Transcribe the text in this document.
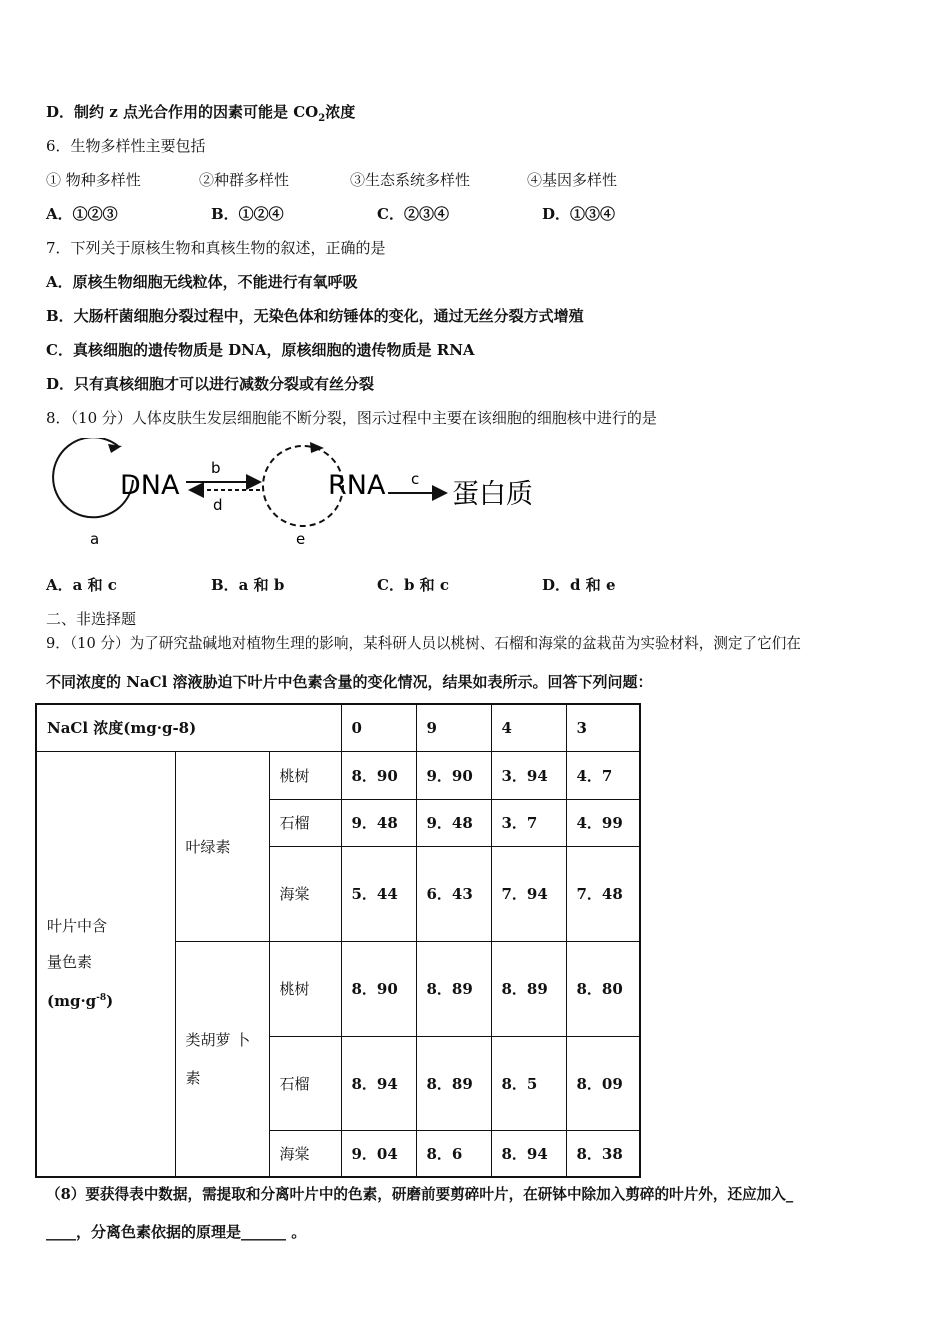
D．制约 z 点光合作用的因素可能是 $CO_2$浓度
6．生物多样性主要包括
① 物种多样性	②种群多样性	③生态系统多样性	④基因多样性
A．①②③	B．①②④	C．②③④	D．①③④
7．下列关于原核生物和真核生物的叙述，正确的是
A．原核生物细胞无线粒体，不能进行有氧呼吸
B．大肠杆菌细胞分裂过程中，无染色体和纺锤体的变化，通过无丝分裂方式增殖
C．真核细胞的遗传物质是 DNA，原核细胞的遗传物质是 RNA
D．只有真核细胞才可以进行减数分裂或有丝分裂
8．（10 分）人体皮肤生发层细胞能不断分裂，图示过程中主要在该细胞的细胞核中进行的是
a
DNA
b
d
e
RNA c 蛋白质
A．a 和 c	B．a 和 b	C．b 和 c	D．d 和 e
二、非选择题
9．（10 分）为了研究盐碱地对植物生理的影响，某科研人员以桃树、石榴和海棠的盆栽苗为实验材料，测定了它们在
不同浓度的 NaCl 溶液胁迫下叶片中色素含量的变化情况，结果如表所示。回答下列问题：
NaCl 浓度(mg·g-8)			0	9	4	3

叶片中含
量色素
$(mg\cdot g^{-8})$	叶绿素	桃树	8．90	9．90	3．94	4．7
		石榴	9．48	9．48	3．7	4．99
		海棠	5．44	6．43	7．94	7．48

	类胡萝 卜
素	桃树	8．90	8．89	8．89	8．80
		石榴	8．94	8．89	8．5	8．09
		海棠	9．04	8．6	8．94	8．38
（8）要获得表中数据，需提取和分离叶片中的色素，研磨前要剪碎叶片，在研钵中除加入剪碎的叶片外，还应加入_
____，分离色素依据的原理是______ 。
